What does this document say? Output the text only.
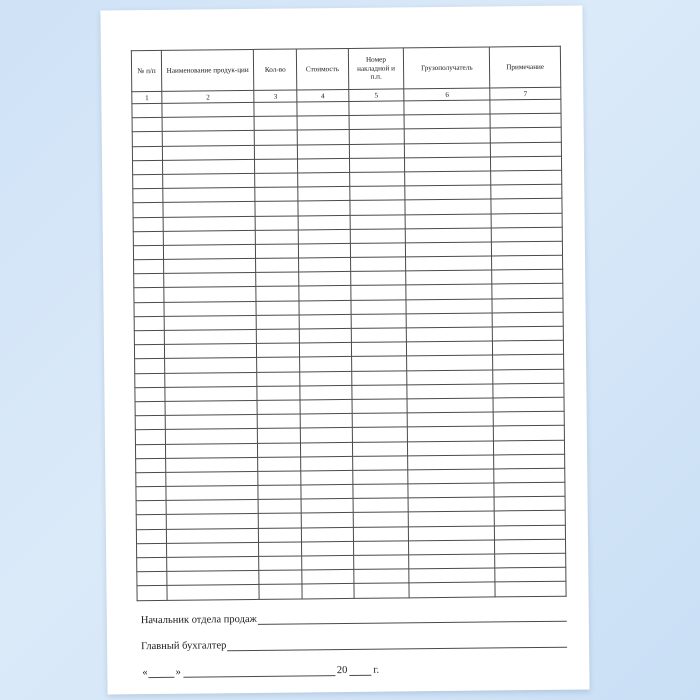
№ п/п	Наименование продук-ции	Кол-во	Стоимость	Номер накладной и п.п.	Грузополучатель	Примечание
1	2	3	4	5	6	7

Начальник отдела продаж
Главный бухгалтер
«	»	20 г.
